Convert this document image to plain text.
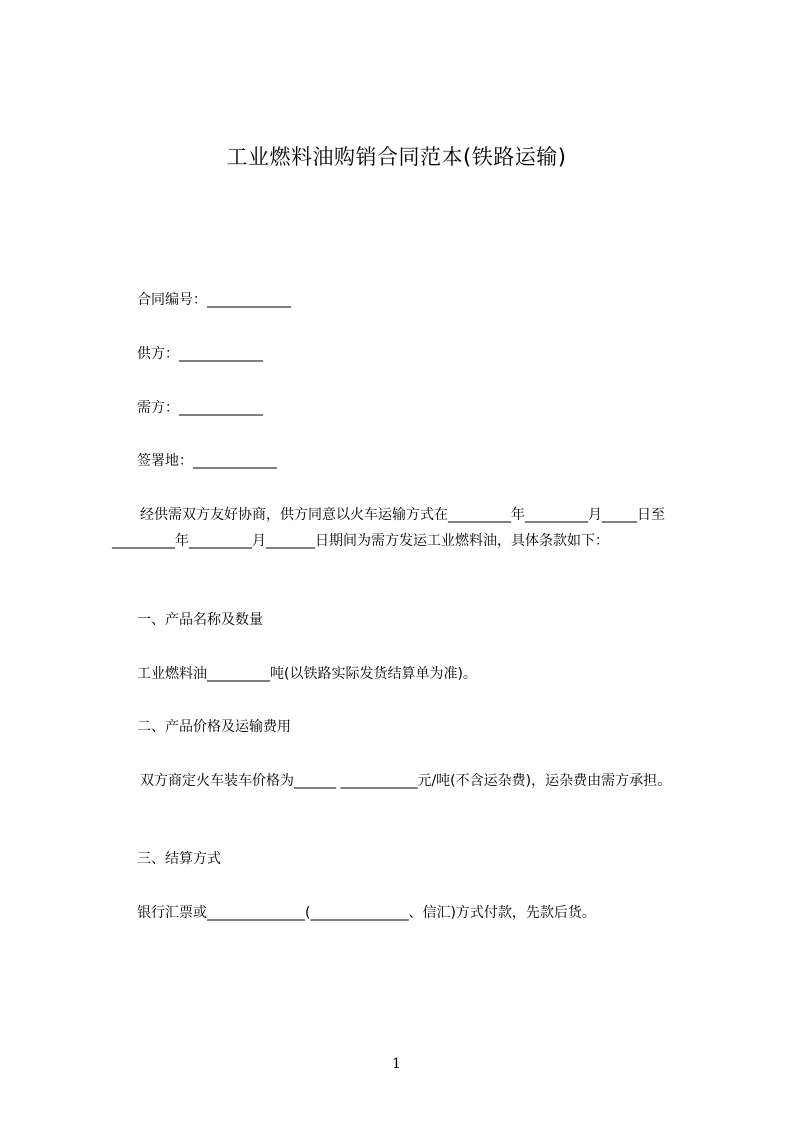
工业燃料油购销合同范本(铁路运输)
合同编号：____________
供方：____________
需方：____________
签署地：____________
　　经供需双方友好协商，供方同意以火车运输方式在_________年_________月_____日至_________年_________月_______日期间为需方发运工业燃料油，具体条款如下：
一、产品名称及数量
工业燃料油_________吨(以铁路实际发货结算单为准)。
二、产品价格及运输费用
　　双方商定火车装车价格为______ ___________元/吨(不含运杂费)，运杂费由需方承担。
三、结算方式
银行汇票或______________(______________、信汇)方式付款，先款后货。
1
